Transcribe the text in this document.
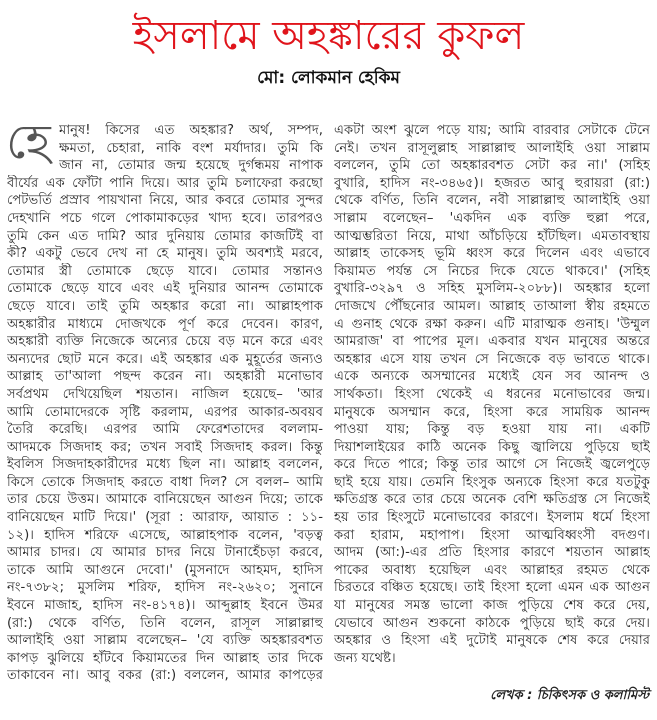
ইসলামে অহঙ্কারের কুফল
মো: লোকমান হেকিম
হে মানুষ! কিসের এত অহঙ্কার? অর্থ, সম্পদ,
ক্ষমতা, চেহারা, নাকি বংশ মর্যাদার। তুমি কি
জান না, তোমার জন্ম হয়েছে দুর্গন্ধময় নাপাক
বীর্যের এক ফোঁটা পানি দিয়ে। আর তুমি চলাফেরা করছো
পেটভর্তি প্রস্রাব পায়খানা নিয়ে, আর কবরে তোমার সুন্দর
দেহখানি পচে গলে পোকামাকড়ের খাদ্য হবে। তারপরও
তুমি কেন এত দামি? আর দুনিয়ায় তোমার কাজটিই বা
কী? একটু ভেবে দেখ না হে মানুষ। তুমি অবশ্যই মরবে,
তোমার স্ত্রী তোমাকে ছেড়ে যাবে। তোমার সন্তানও
তোমাকে ছেড়ে যাবে এবং এই দুনিয়ার আনন্দ তোমাকে
ছেড়ে যাবে। তাই তুমি অহঙ্কার করো না। আল্লাহপাক
অহঙ্কারীর মাধ্যমে দোজখকে পূর্ণ করে দেবেন। কারণ,
অহঙ্কারী ব্যক্তি নিজেকে অন্যের চেয়ে বড় মনে করে এবং
অন্যদের ছোট মনে করে। এই অহঙ্কার এক মুহূর্তের জন্যও
আল্লাহ তা'আলা পছন্দ করেন না। অহঙ্কারী মনোভাব
সর্বপ্রথম দেখিয়েছিল শয়তান। নাজিল হয়েছে– 'আর
আমি তোমাদেরকে সৃষ্টি করলাম, এরপর আকার-অবয়ব
তৈরি করেছি। এরপর আমি ফেরেশতাদের বললাম-
আদমকে সিজদাহ কর; তখন সবাই সিজদাহ করল। কিন্তু
ইবলিস সিজদাহকারীদের মধ্যে ছিল না। আল্লাহ বললেন,
কিসে তোকে সিজদাহ করতে বাধা দিল? সে বলল– আমি
তার চেয়ে উত্তম। আমাকে বানিয়েছেন আগুন দিয়ে; তাকে
বানিয়েছেন মাটি দিয়ে।' (সূরা : আরাফ, আয়াত : ১১-
১২)। হাদিস শরিফে এসেছে, আল্লাহপাক বলেন, 'বড়ত্ব
আমার চাদর। যে আমার চাদর নিয়ে টানাহেঁচড়া করবে,
তাকে আমি আগুনে দেবো।' (মুসনাদে আহমদ, হাদিস
নং-৭৩৮২; মুসলিম শরিফ, হাদিস নং-২৬২০; সুনানে
ইবনে মাজাহ, হাদিস নং-৪১৭৪)। আব্দুল্লাহ ইবনে উমর
(রা:) থেকে বর্ণিত, তিনি বলেন, রাসূল সাল্লাল্লাহু
আলাইহি ওয়া সাল্লাম বলেছেন– 'যে ব্যক্তি অহঙ্কারবশত
কাপড় ঝুলিয়ে হাঁটবে কিয়ামতের দিন আল্লাহ তার দিকে
তাকাবেন না। আবু বকর (রা:) বললেন, আমার কাপড়ের
একটা অংশ ঝুলে পড়ে যায়; আমি বারবার সেটাকে টেনে
নেই। তখন রাসূলুল্লাহ সাল্লাল্লাহু আলাইহি ওয়া সাল্লাম
বললেন, তুমি তো অহঙ্কারবশত সেটা কর না।' (সহিহ
বুখারি, হাদিস নং-৩৪৬৫)। হজরত আবু হুরায়রা (রা:)
থেকে বর্ণিত, তিনি বলেন, নবী সাল্লাল্লাহু আলাইহি ওয়া
সাল্লাম বলেছেন– 'একদিন এক ব্যক্তি হুল্লা পরে,
আত্মম্ভরিতা নিয়ে, মাথা আঁচড়িয়ে হাঁটছিল। এমতাবস্থায়
আল্লাহ তাকেসহ ভূমি ধ্বংস করে দিলেন এবং এভাবে
কিয়ামত পর্যন্ত সে নিচের দিকে যেতে থাকবে।' (সহিহ
বুখারি-৩২৯৭ ও সহিহ মুসলিম-২০৮৮)। অহঙ্কার হলো
দোজখে পৌঁছনোর আমল। আল্লাহ তাআলা স্বীয় রহমতে
এ গুনাহ থেকে রক্ষা করুন। এটি মারাত্মক গুনাহ। 'উম্মুল
আমরাজ' বা পাপের মূল। একবার যখন মানুষের অন্তরে
অহঙ্কার এসে যায় তখন সে নিজেকে বড় ভাবতে থাকে।
একে অন্যকে অসম্মানের মধ্যেই যেন সব আনন্দ ও
সার্থকতা। হিংসা থেকেই এ ধরনের মনোভাবের জন্ম।
মানুষকে অসম্মান করে, হিংসা করে সাময়িক আনন্দ
পাওয়া যায়; কিন্তু বড় হওয়া যায় না। একটি
দিয়াশলাইয়ের কাঠি অনেক কিছু জ্বালিয়ে পুড়িয়ে ছাই
করে দিতে পারে; কিন্তু তার আগে সে নিজেই জ্বলেপুড়ে
ছাই হয়ে যায়। তেমনি হিংসুক অন্যকে হিংসা করে যতটুকু
ক্ষতিগ্রস্ত করে তার চেয়ে অনেক বেশি ক্ষতিগ্রস্ত সে নিজেই
হয় তার হিংসুটে মনোভাবের কারণে। ইসলাম ধর্মে হিংসা
করা হারাম, মহাপাপ। হিংসা আত্মবিধ্বংসী বদগুণ।
আদম (আ:)-এর প্রতি হিংসার কারণে শয়তান আল্লাহ
পাকের অবাধ্য হয়েছিল এবং আল্লাহর রহমত থেকে
চিরতরে বঞ্চিত হয়েছে। তাই হিংসা হলো এমন এক আগুন
যা মানুষের সমস্ত ভালো কাজ পুড়িয়ে শেষ করে দেয়,
যেভাবে আগুন শুকনো কাঠকে পুড়িয়ে ছাই করে দেয়।
অহঙ্কার ও হিংসা এই দুটোই মানুষকে শেষ করে দেয়ার
জন্য যথেষ্ট।
লেখক : চিকিৎসক ও কলামিস্ট
